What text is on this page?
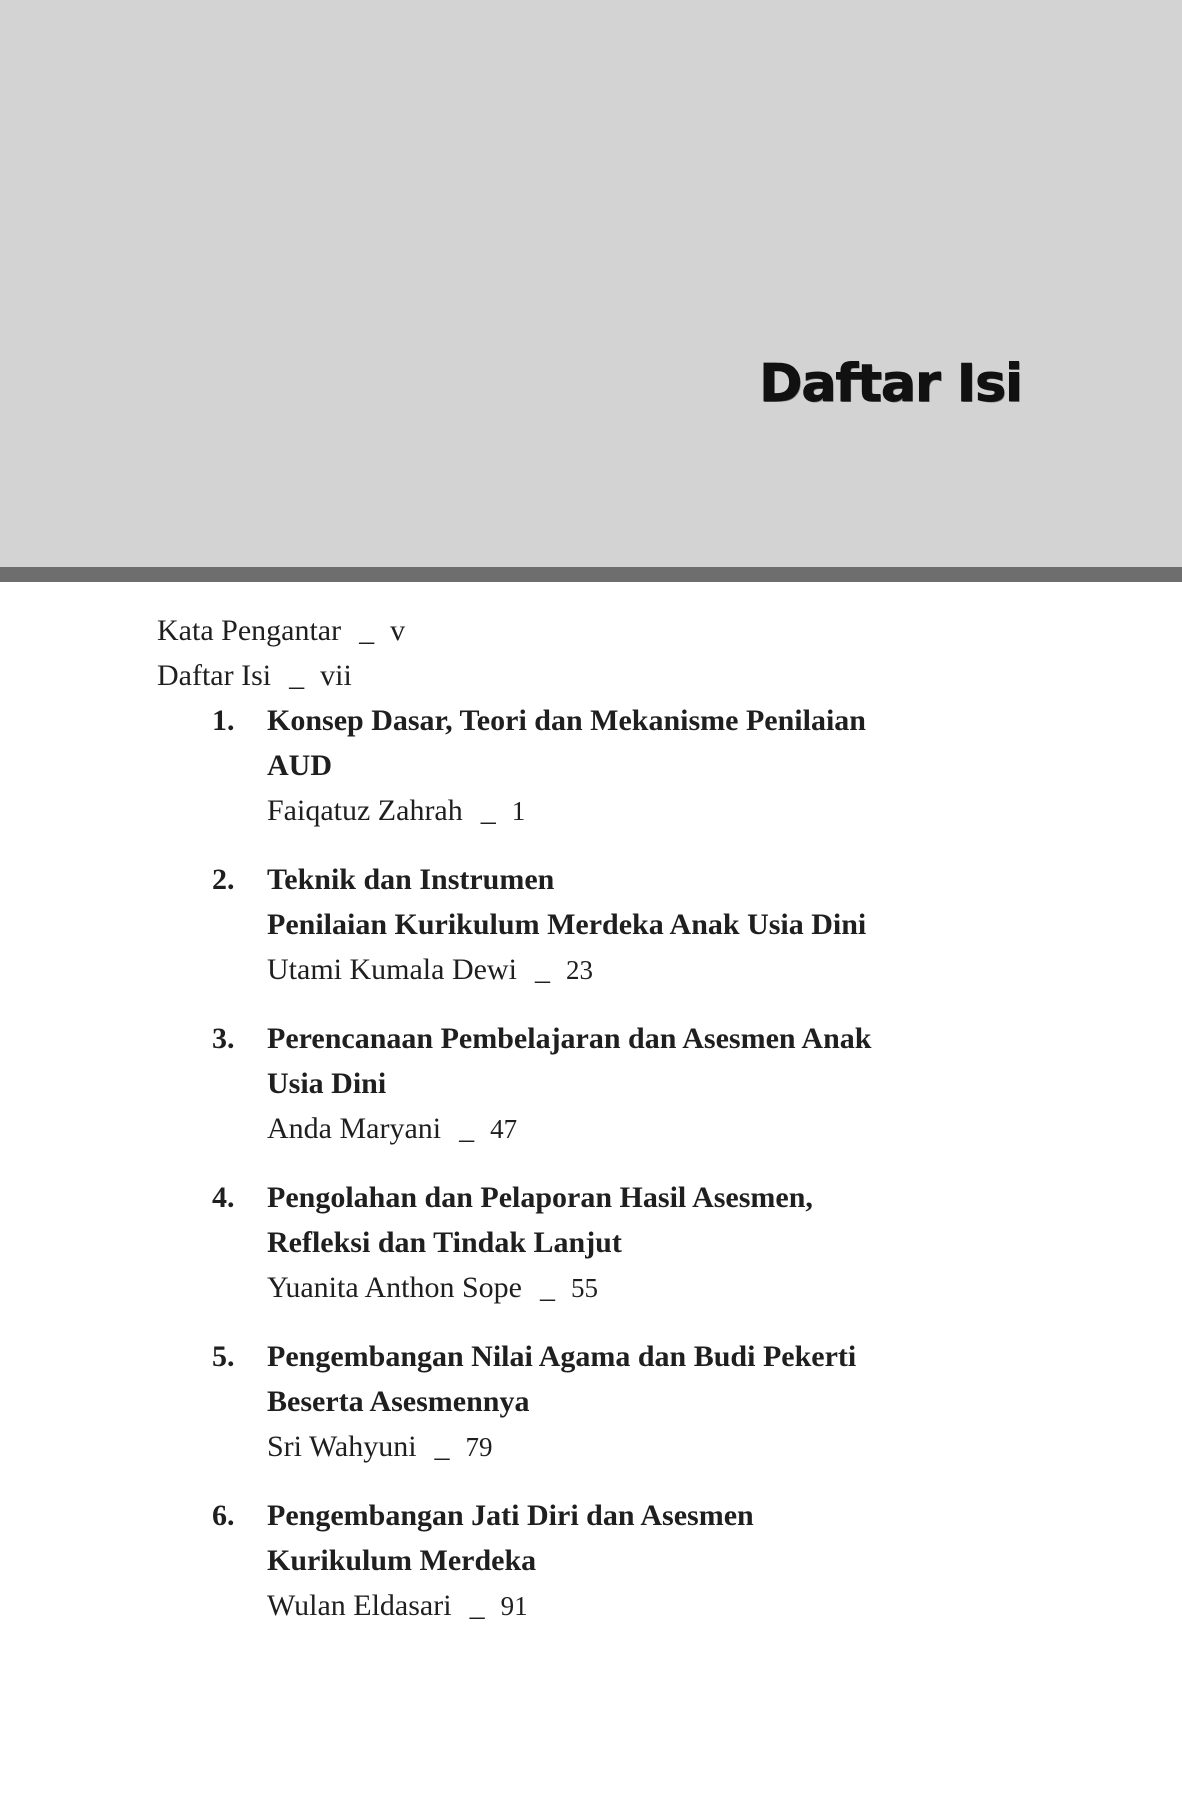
Daftar Isi
Kata Pengantar _ v
Daftar Isi _ vii
1. Konsep Dasar, Teori dan Mekanisme Penilaian
AUD
Faiqatuz Zahrah _ 1
2. Teknik dan Instrumen
Penilaian Kurikulum Merdeka Anak Usia Dini
Utami Kumala Dewi _ 23
3. Perencanaan Pembelajaran dan Asesmen Anak
Usia Dini
Anda Maryani _ 47
4. Pengolahan dan Pelaporan Hasil Asesmen,
Refleksi dan Tindak Lanjut
Yuanita Anthon Sope _ 55
5. Pengembangan Nilai Agama dan Budi Pekerti
Beserta Asesmennya
Sri Wahyuni _ 79
6. Pengembangan Jati Diri dan Asesmen
Kurikulum Merdeka
Wulan Eldasari _ 91
